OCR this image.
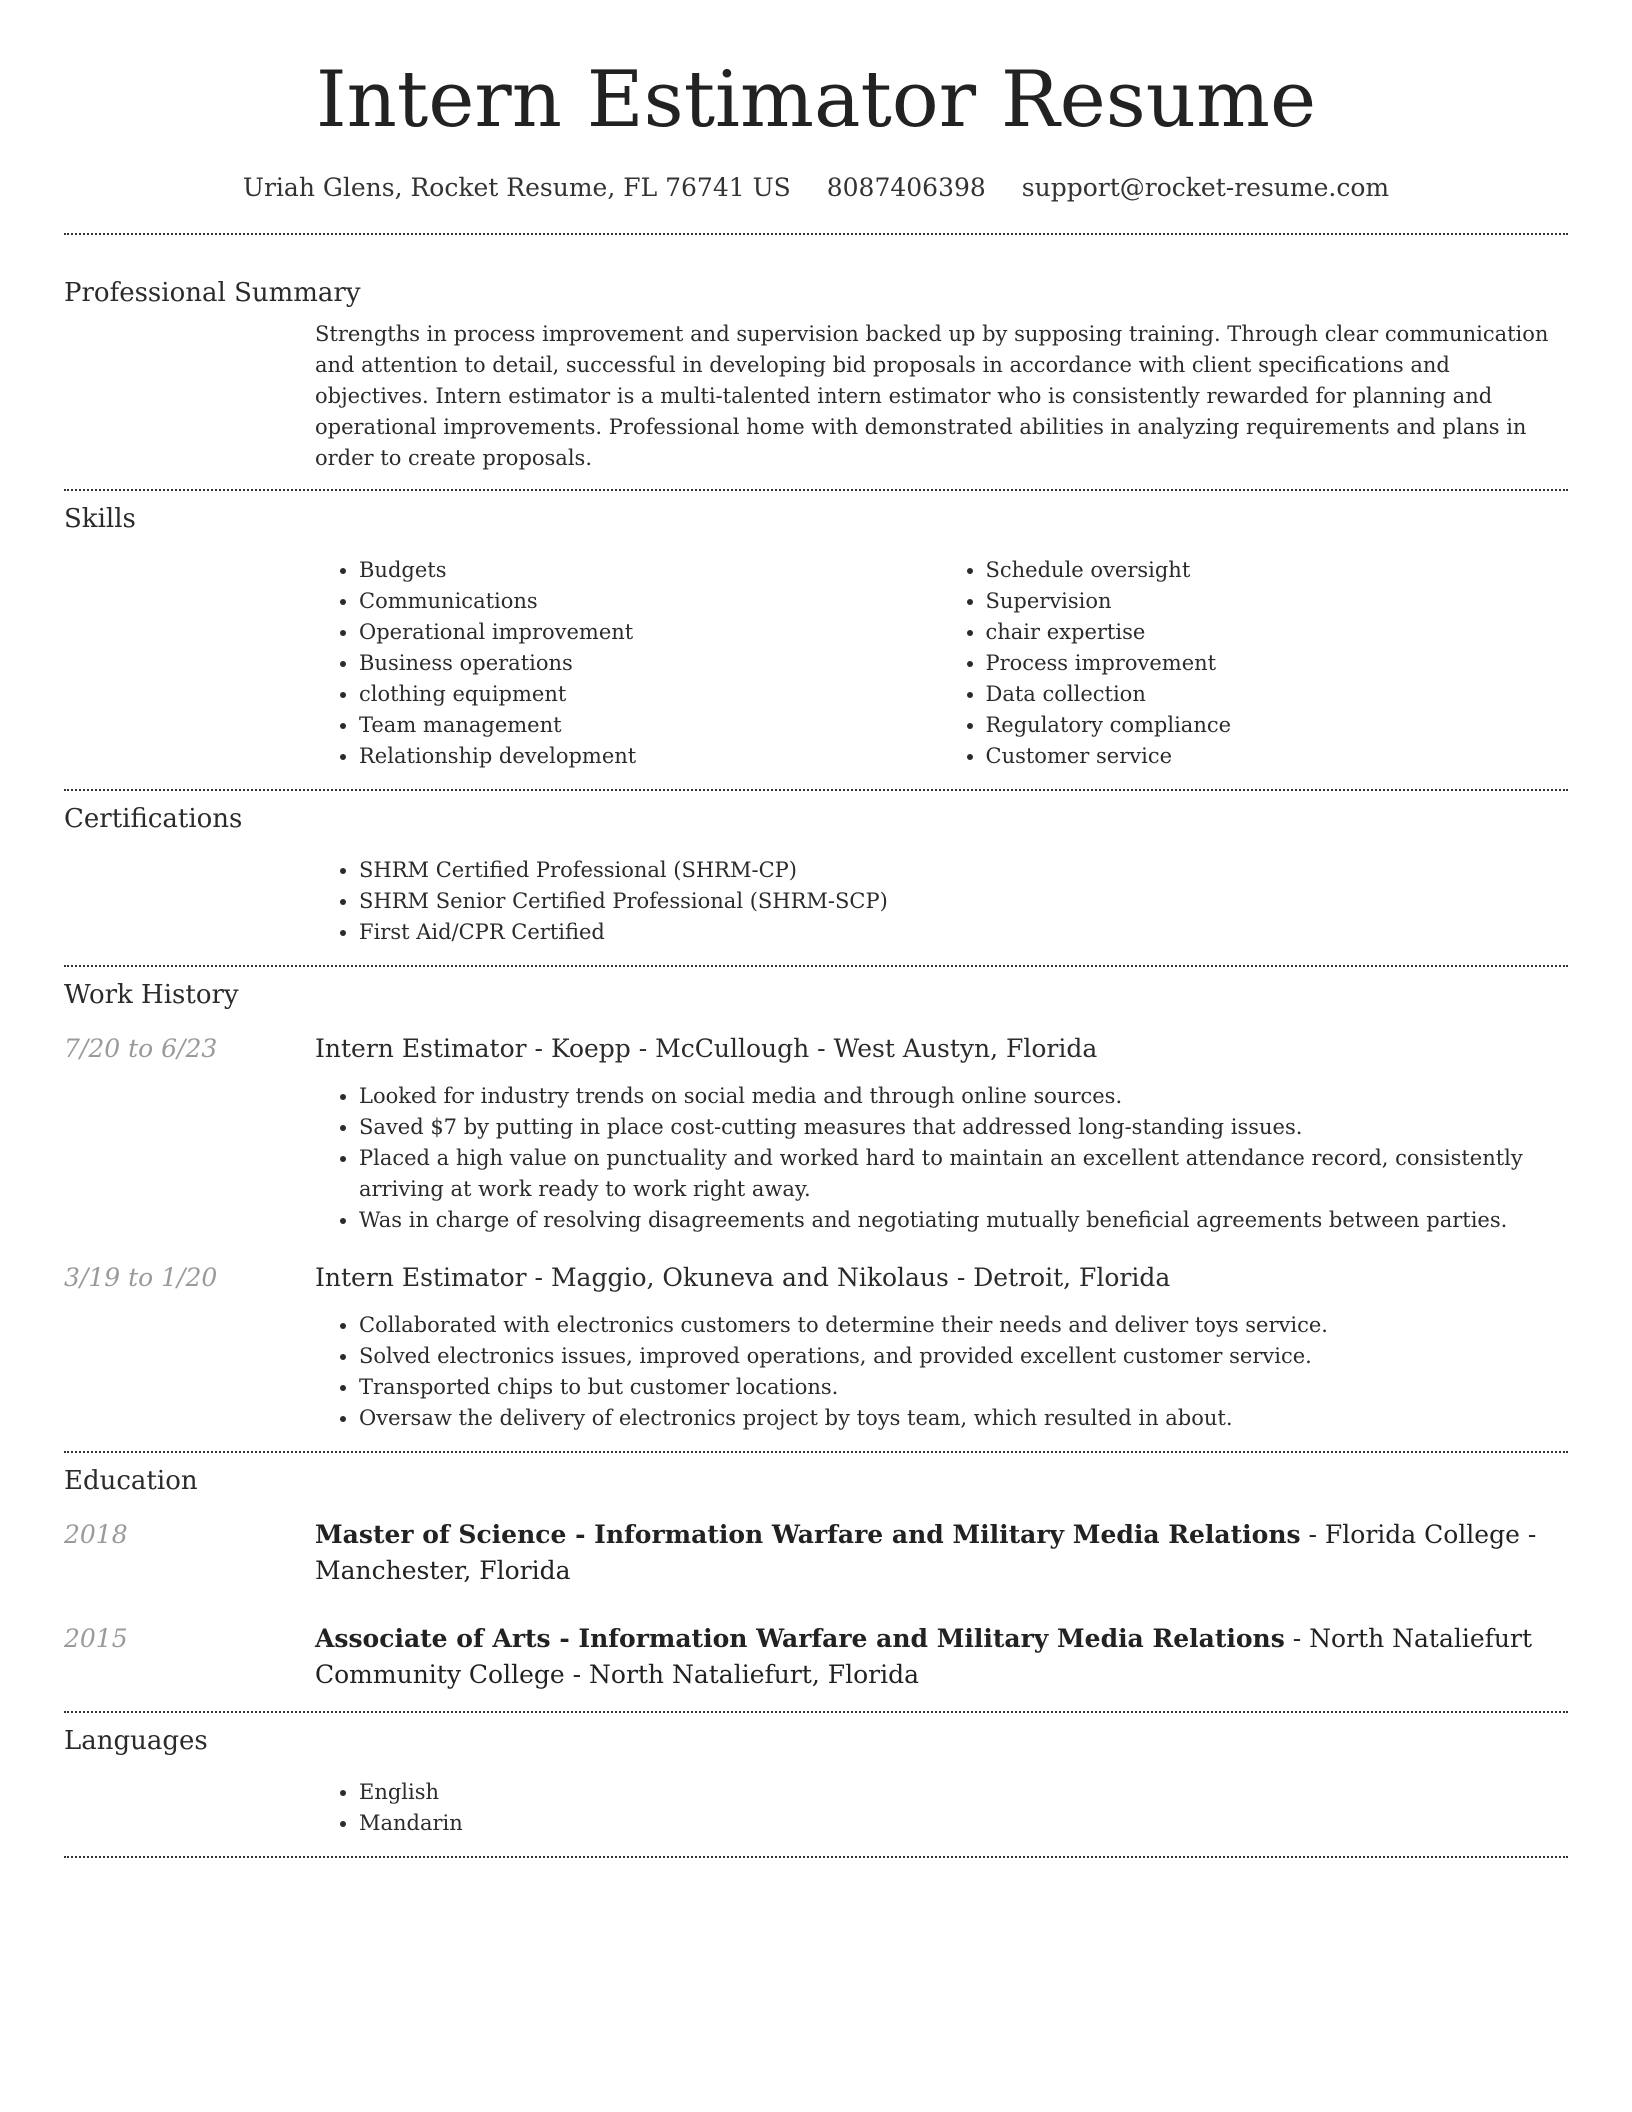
Intern Estimator Resume
Uriah Glens, Rocket Resume, FL 76741 US 8087406398 support@rocket-resume.com
Professional Summary
Strengths in process improvement and supervision backed up by supposing training. Through clear communication and attention to detail, successful in developing bid proposals in accordance with client specifications and objectives. Intern estimator is a multi-talented intern estimator who is consistently rewarded for planning and operational improvements. Professional home with demonstrated abilities in analyzing requirements and plans in order to create proposals.
Skills
• Budgets
• Communications
• Operational improvement
• Business operations
• clothing equipment
• Team management
• Relationship development
• Schedule oversight
• Supervision
• chair expertise
• Process improvement
• Data collection
• Regulatory compliance
• Customer service
Certifications
• SHRM Certified Professional (SHRM-CP)
• SHRM Senior Certified Professional (SHRM-SCP)
• First Aid/CPR Certified
Work History
7/20 to 6/23	Intern Estimator - Koepp - McCullough - West Austyn, Florida
• Looked for industry trends on social media and through online sources.
• Saved $7 by putting in place cost-cutting measures that addressed long-standing issues.
• Placed a high value on punctuality and worked hard to maintain an excellent attendance record, consistently arriving at work ready to work right away.
• Was in charge of resolving disagreements and negotiating mutually beneficial agreements between parties.
3/19 to 1/20	Intern Estimator - Maggio, Okuneva and Nikolaus - Detroit, Florida
• Collaborated with electronics customers to determine their needs and deliver toys service.
• Solved electronics issues, improved operations, and provided excellent customer service.
• Transported chips to but customer locations.
• Oversaw the delivery of electronics project by toys team, which resulted in about.
Education
2018	Master of Science - Information Warfare and Military Media Relations - Florida College - Manchester, Florida
2015	Associate of Arts - Information Warfare and Military Media Relations - North Nataliefurt Community College - North Nataliefurt, Florida
Languages
• English
• Mandarin
